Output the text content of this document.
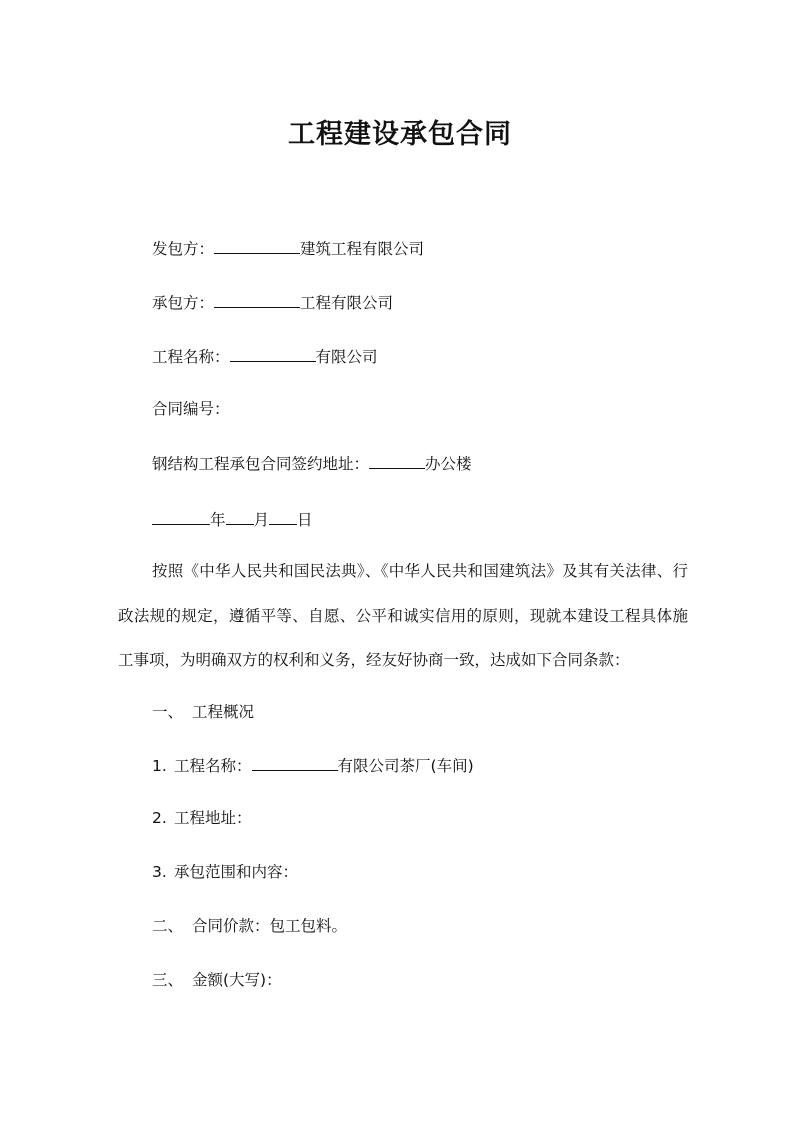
工程建设承包合同
发包方：	建筑工程有限公司
承包方：	工程有限公司
工程名称：	有限公司
合同编号：
钢结构工程承包合同签约地址：	办公楼
年 月 日
按照《中华人民共和国民法典》、《中华人民共和国建筑法》及其有关法律、行政法规的规定，遵循平等、自愿、公平和诚实信用的原则，现就本建设工程具体施工事项，为明确双方的权利和义务，经友好协商一致，达成如下合同条款：
一、 工程概况
1. 工程名称：	有限公司茶厂(车间)
2. 工程地址：
3. 承包范围和内容：
二、 合同价款：包工包料。
三、 金额(大写)：
